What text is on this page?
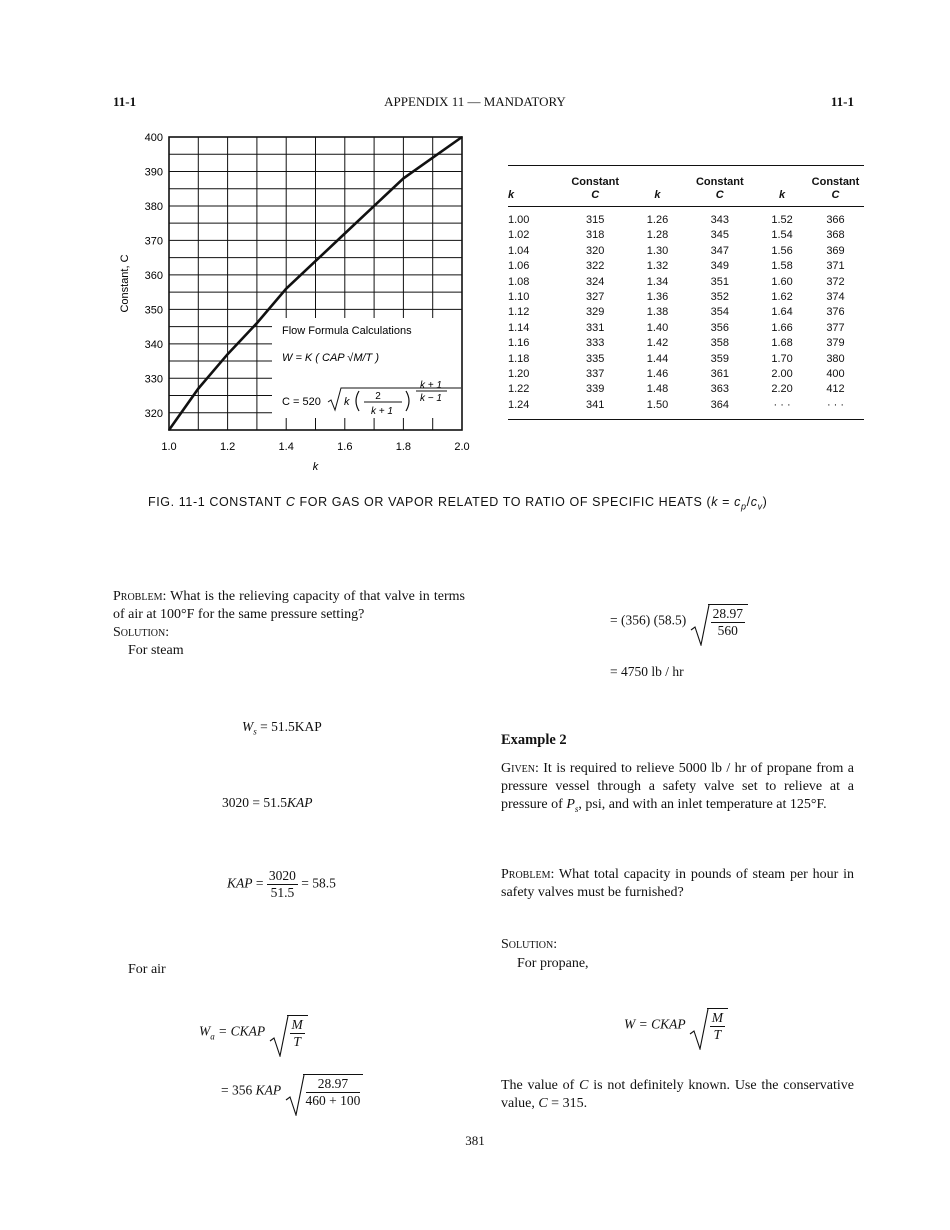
11-1	APPENDIX 11 — MANDATORY	11-1
1.0	1.2	1.4	1.6	1.8	2.0
320
330
340
350
360
370
380
390
400
k
Constant, C
Flow Formula Calculations
W = K ( CAP √M/T )
C = 520 k	2
k + 1
k + 1
k − 1
	Constant		Constant		Constant
k	C	k	C	k	C
1.00	315	1.26	343	1.52	366
1.02	318	1.28	345	1.54	368
1.04	320	1.30	347	1.56	369
1.06	322	1.32	349	1.58	371
1.08	324	1.34	351	1.60	372
1.10	327	1.36	352	1.62	374
1.12	329	1.38	354	1.64	376
1.14	331	1.40	356	1.66	377
1.16	333	1.42	358	1.68	379
1.18	335	1.44	359	1.70	380
1.20	337	1.46	361	2.00	400
1.22	339	1.48	363	2.20	412
1.24	341	1.50	364	· · ·	· · ·
FIG. 11-1 CONSTANT C FOR GAS OR VAPOR RELATED TO RATIO OF SPECIFIC HEATS $(k = c_p/c_v)$
Problem: What is the relieving capacity of that valve in terms of air at 100°F for the same pressure setting?
Solution:
For steam
$W_s = 51.5KAP$
3020 = 51.5KAP
KAP = $\frac{3020}{51.5} = 58.5$
For air
$W_a$ = CKAP $\frac{M}{T}$
= 356 KAP $\frac{28.97}{460 + 100}$
= (356) $(58.5) \frac{28.97}{560}$
= 4750 lb / hr
Example 2
Given: It is required to relieve 5000 lb / hr of propane from a pressure vessel through a safety valve set to relieve at a pressure of $P_s$, psi, and with an inlet temperature at 125°F.
Problem: What total capacity in pounds of steam per hour in safety valves must be furnished?
Solution:
For propane,
W = CKAP $\frac{M}{T}$
The value of C is not definitely known. Use the conservative value, C = 315.
381
